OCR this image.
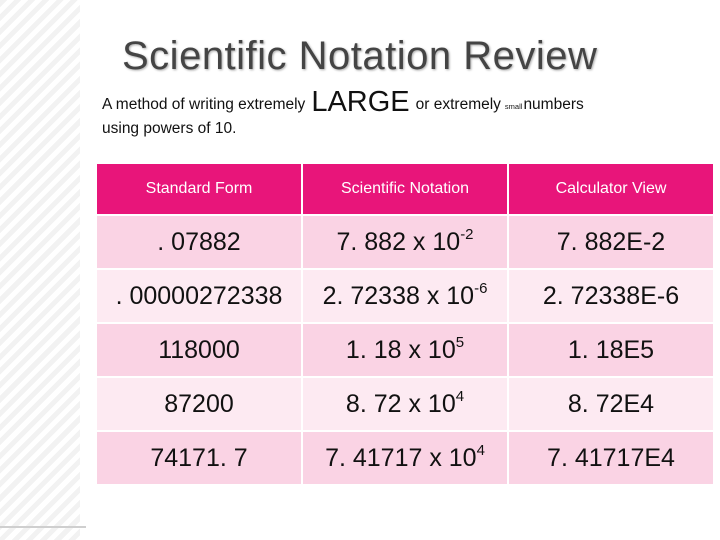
Scientific Notation Review
A method of writing extremely LARGE or extremely smallnumbers
using powers of 10.
Standard Form	Scientific Notation	Calculator View
. 07882	7. 882 x $10^{-2}$	7. 882E-2
. 00000272338	2. 72338 x $10^{-6}$	2. 72338E-6
118000	1. 18 x $10^5$	1. 18E5
87200	8. 72 x $10^4$	8. 72E4
74171. 7	7. 41717 x $10^4$	7. 41717E4
